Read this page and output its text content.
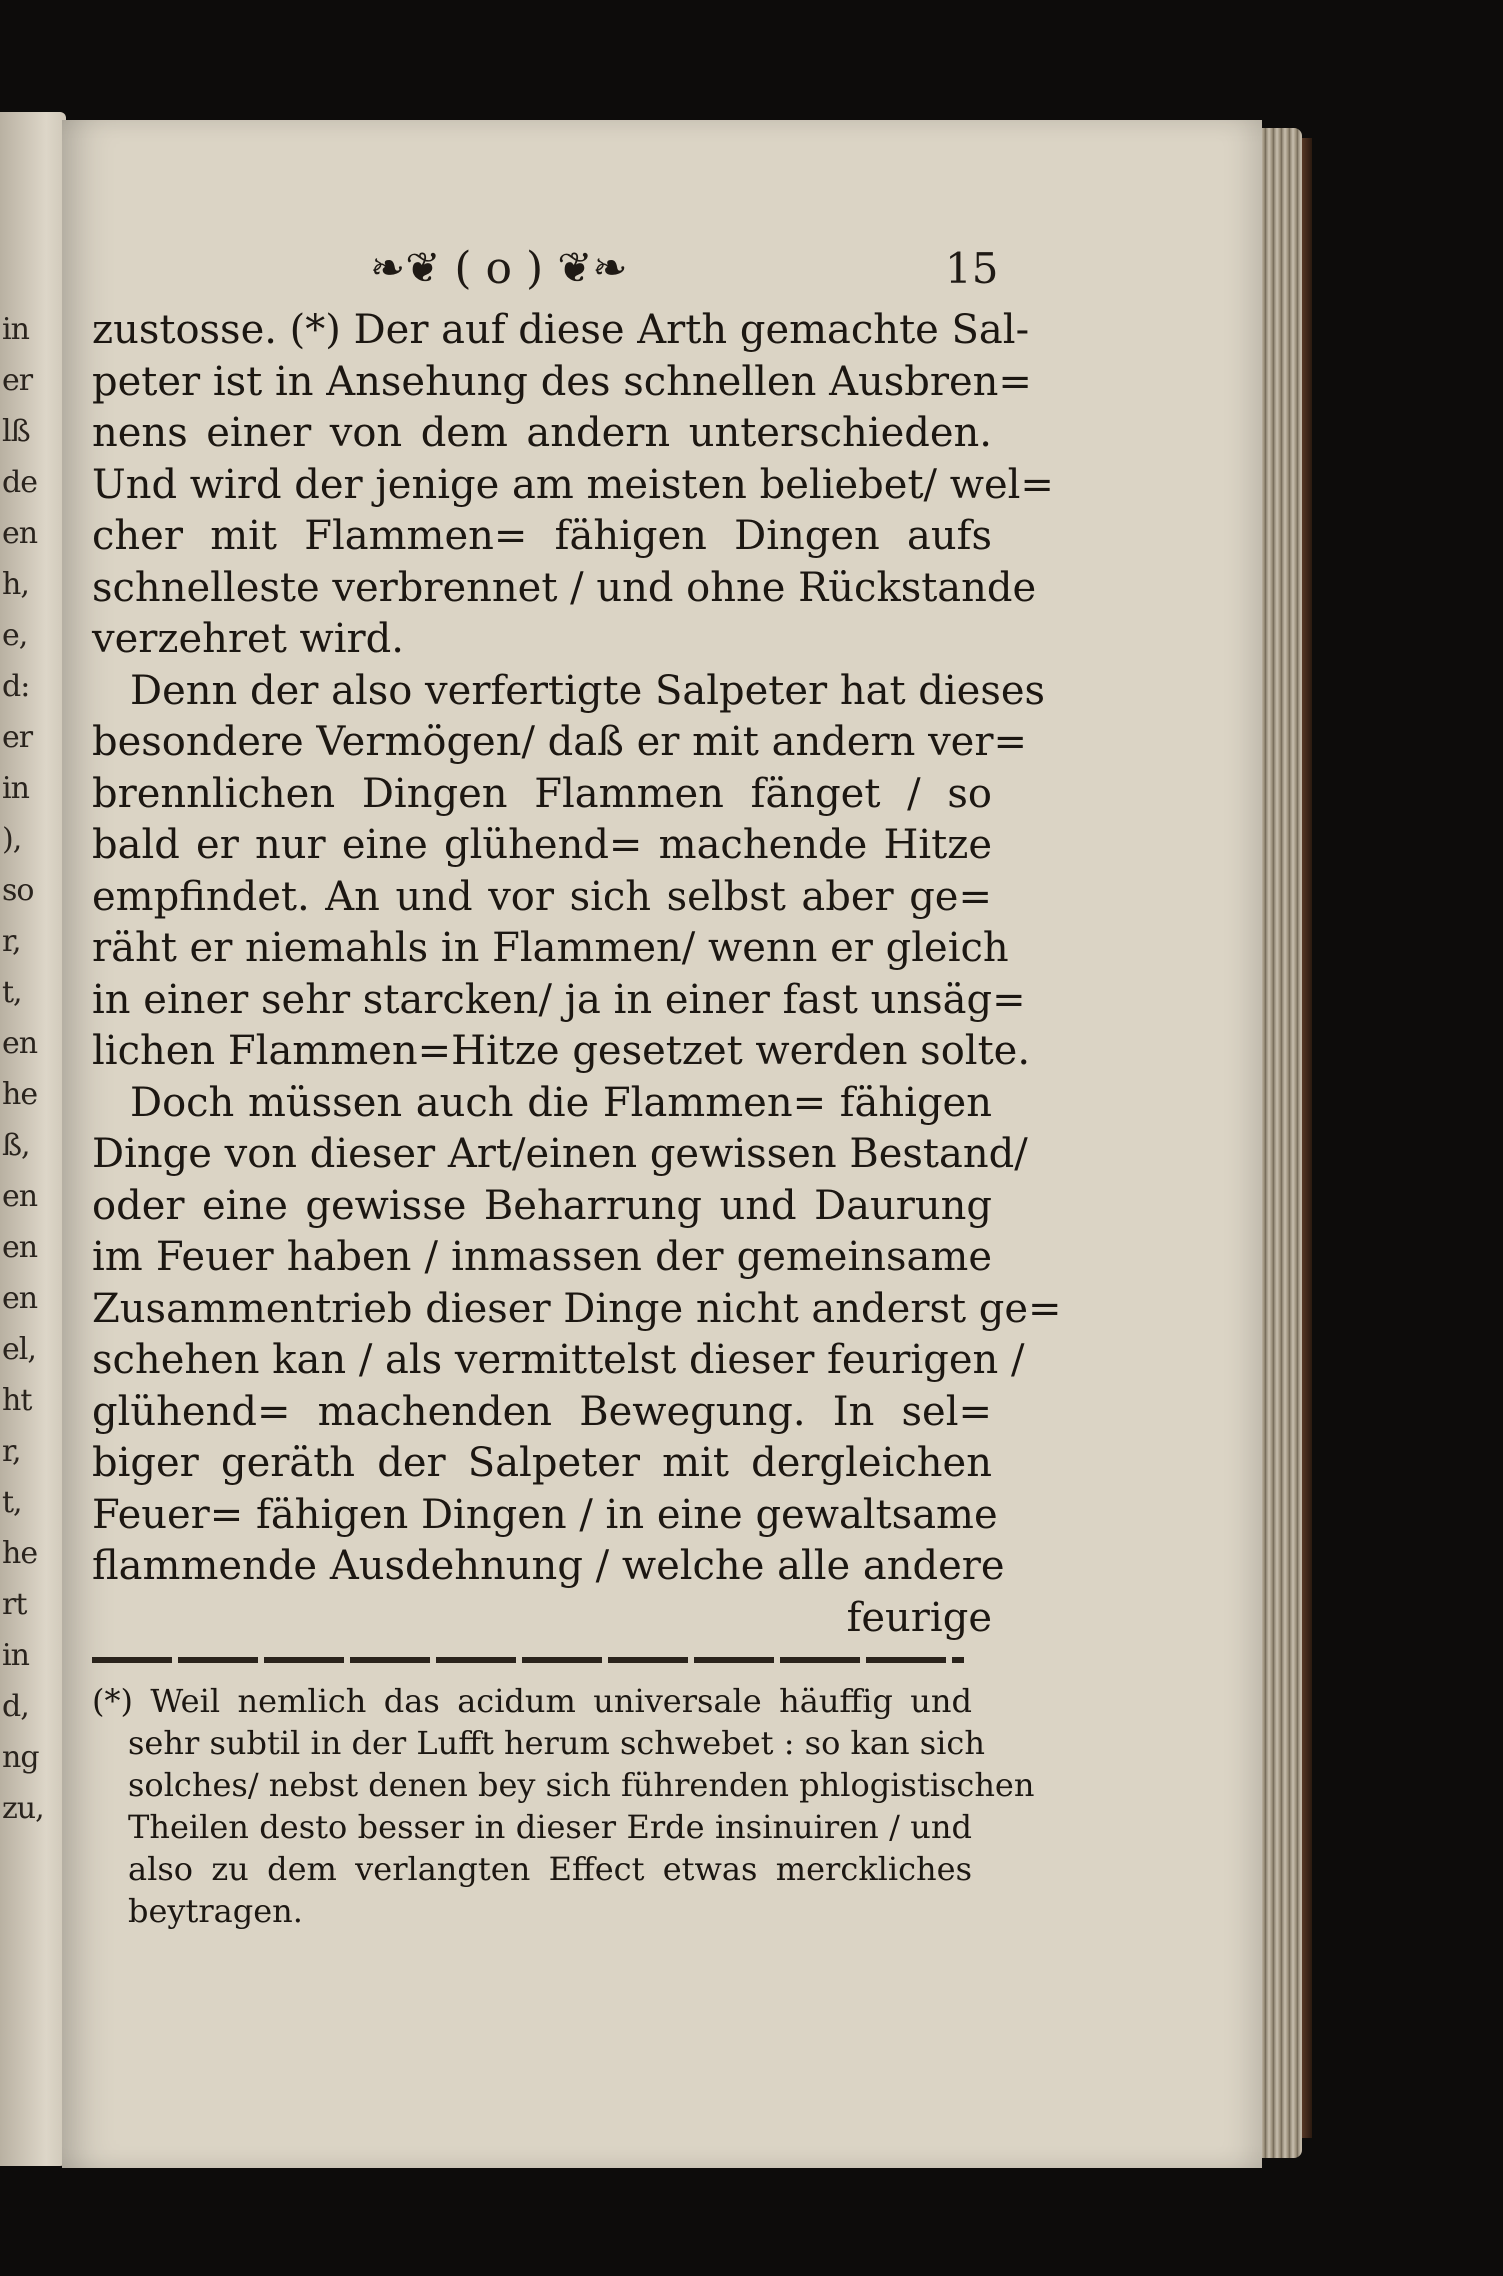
in
er
lß
de
en
h,
e,
d:
er
in
),
so
r,
t,
en
he
ß,
en
en
en
el,
ht
r,
t,
he
rt
in
d,
ng
zu,
❧❦ ( o ) ❦❧	15
zustosse. (*) Der auf diese Arth gemachte Sal-
peter ist in Ansehung des schnellen Ausbren=
nens einer von dem andern unterschieden.
Und wird der jenige am meisten beliebet/ wel=
cher mit Flammen= fähigen Dingen aufs
schnelleste verbrennet / und ohne Rückstande
verzehret wird.
Denn der also verfertigte Salpeter hat dieses
besondere Vermögen/ daß er mit andern ver=
brennlichen Dingen Flammen fänget / so
bald er nur eine glühend= machende Hitze
empfindet. An und vor sich selbst aber ge=
räht er niemahls in Flammen/ wenn er gleich
in einer sehr starcken/ ja in einer fast unsäg=
lichen Flammen=Hitze gesetzet werden solte.
Doch müssen auch die Flammen= fähigen
Dinge von dieser Art/einen gewissen Bestand/
oder eine gewisse Beharrung und Daurung
im Feuer haben / inmassen der gemeinsame
Zusammentrieb dieser Dinge nicht anderst ge=
schehen kan / als vermittelst dieser feurigen /
glühend= machenden Bewegung. In sel=
biger geräth der Salpeter mit dergleichen
Feuer= fähigen Dingen / in eine gewaltsame
flammende Ausdehnung / welche alle andere
feurige
(*) Weil nemlich das acidum universale häuffig und
sehr subtil in der Lufft herum schwebet : so kan sich
solches/ nebst denen bey sich führenden phlogistischen
Theilen desto besser in dieser Erde insinuiren / und
also zu dem verlangten Effect etwas merckliches
beytragen.
